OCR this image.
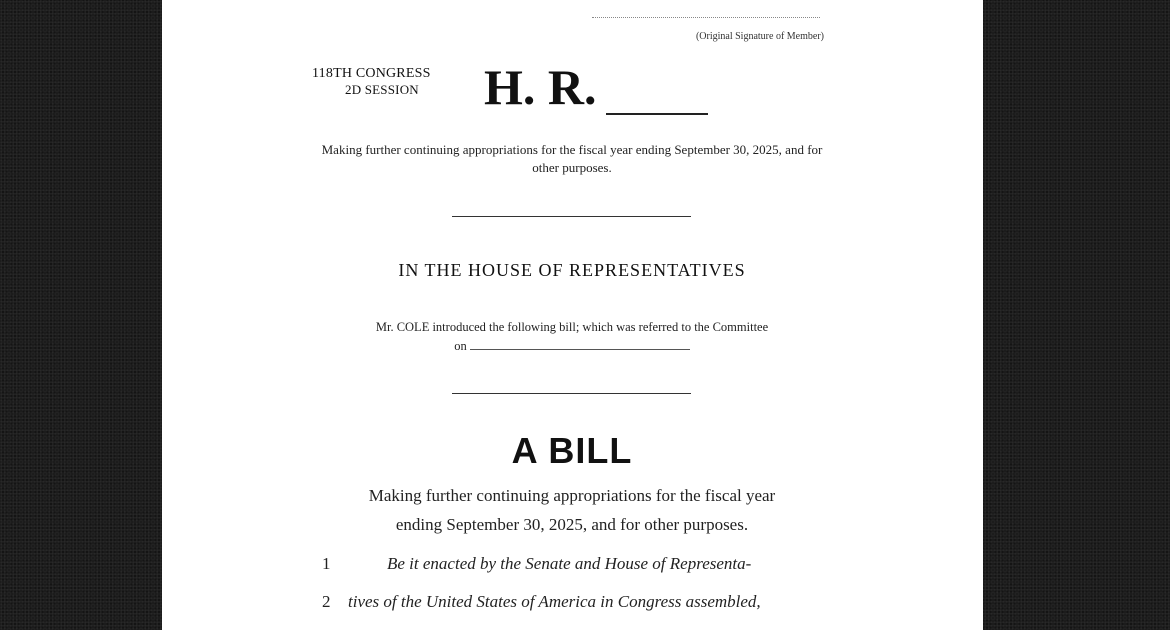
(Original Signature of Member)
118TH CONGRESS
2D SESSION	H. R.
Making further continuing appropriations for the fiscal year ending September 30, 2025, and for other purposes.
IN THE HOUSE OF REPRESENTATIVES
Mr. COLE introduced the following bill; which was referred to the Committee
on
A BILL
Making further continuing appropriations for the fiscal year
ending September 30, 2025, and for other purposes.
1	Be it enacted by the Senate and House of Representa-
2 tives of the United States of America in Congress assembled,
